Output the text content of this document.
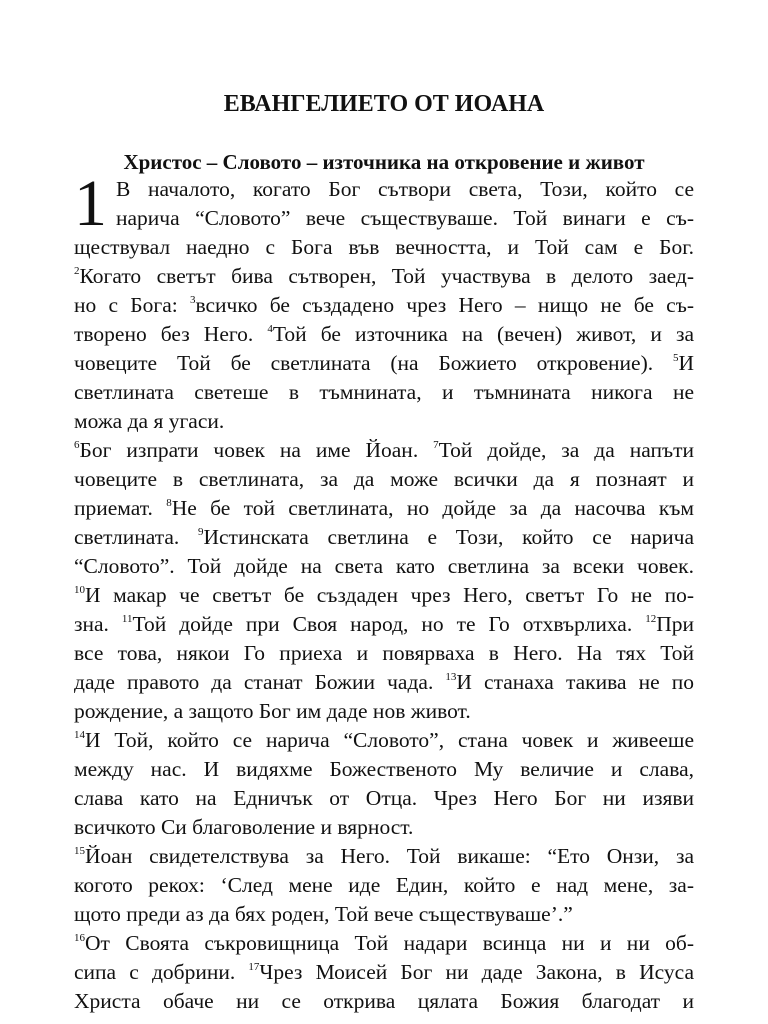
ЕВАНГЕЛИЕТО ОТ ИОАНА
Христос – Словото – източника на откровение и живот
1 В началото, когато Бог сътвори света, Този, който се
нарича “Словото” вече съществуваше. Той винаги е съ-
ществувал наедно с Бога във вечността, и Той сам е Бог.
$^2$Когато светът бива сътворен, Той участвува в делото заед-
но с Бога: $^3$всичко бе създадено чрез Него – нищо не бе съ-
творено без Него. $^4$Той бе източника на (вечен) живот, и за
човеците Той бе светлината (на Божието откровение). $^5$И
светлината светеше в тъмнината, и тъмнината никога не
можа да я угаси.
$^6$Бог изпрати човек на име Йоан. $^7$Той дойде, за да напъти
човеците в светлината, за да може всички да я познаят и
приемат. $^8$Не бе той светлината, но дойде за да насочва към
светлината. $^9$Истинската светлина е Този, който се нарича
“Словото”. Той дойде на света като светлина за всеки човек.
$^{10}$И макар че светът бе създаден чрез Него, светът Го не по-
зна. $^{11}$Той дойде при Своя народ, но те Го отхвърлиха. $^{12}$При
все това, някои Го приеха и повярваха в Него. На тях Той
даде правото да станат Божии чада. $^{13}$И станаха такива не по
рождение, а защото Бог им даде нов живот.
$^{14}$И Той, който се нарича “Словото”, стана човек и живееше
между нас. И видяхме Божественото Му величие и слава,
слава като на Едничък от Отца. Чрез Него Бог ни изяви
всичкото Си благоволение и вярност.
$^{15}$Йоан свидетелствува за Него. Той викаше: “Ето Онзи, за
когото рекох: ‘След мене иде Един, който е над мене, за-
щото преди аз да бях роден, Той вече съществуваше’.”
$^{16}$От Своята съкровищница Той надари всинца ни и ни об-
сипа с добрини. $^{17}$Чрез Моисей Бог ни даде Закона, в Исуса
Христа обаче ни се открива цялата Божия благодат и
